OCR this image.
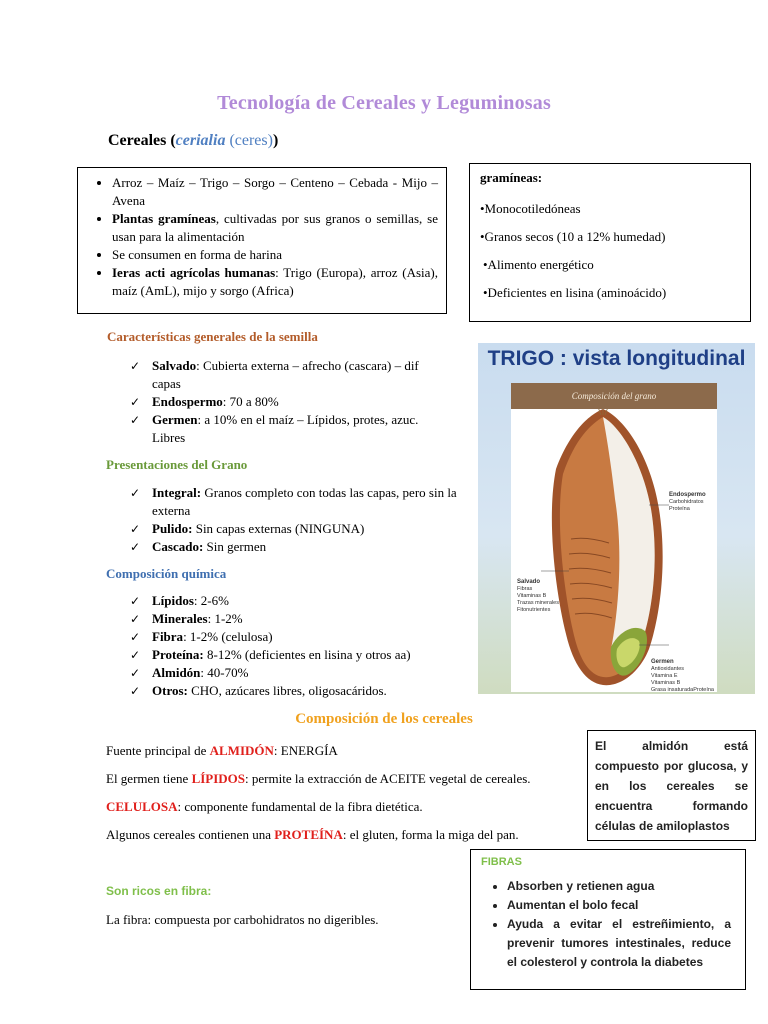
Tecnología de Cereales y Leguminosas
Cereales (cerialia (ceres))
• Arroz – Maíz – Trigo – Sorgo – Centeno – Cebada - Mijo – Avena
• Plantas gramíneas, cultivadas por sus granos o semillas, se usan para la alimentación
• Se consumen en forma de harina
• Ieras acti agrícolas humanas: Trigo (Europa), arroz (Asia), maíz (AmL), mijo y sorgo (Africa)
gramíneas:
•Monocotiledóneas
•Granos secos (10 a 12% humedad)
•Alimento energético
•Deficientes en lisina (aminoácido)
Características generales de la semilla
✓ Salvado: Cubierta externa – afrecho (cascara) – dif capas
✓ Endospermo: 70 a 80%
✓ Germen: a 10% en el maíz – Lípidos, protes, azuc. Libres
Presentaciones del Grano
✓ Integral: Granos completo con todas las capas, pero sin la externa
✓ Pulido: Sin capas externas (NINGUNA)
✓ Cascado: Sin germen
Composición química
✓ Lípidos: 2-6%
✓ Minerales: 1-2%
✓ Fibra: 1-2% (celulosa)
✓ Proteína: 8-12% (deficientes en lisina y otros aa)
✓ Almidón: 40-70%
✓ Otros: CHO, azúcares libres, oligosacáridos.
TRIGO : vista longitudinal
Composición del grano
Endospermo
Carbohidratos
Proteína
Salvado
Fibras
Vitaminas B
Trazas minerales
Fitonutrientes
Germen
Antioxidantes
Vitamina E
Vitaminas B
Grasa insaturadaProteína
Composición de los cereales
Fuente principal de ALMIDÓN: ENERGÍA
El germen tiene LÍPIDOS: permite la extracción de ACEITE vegetal de cereales.
CELULOSA: componente fundamental de la fibra dietética.
Algunos cereales contienen una PROTEÍNA: el gluten, forma la miga del pan.
El almidón está compuesto por glucosa, y en los cereales se encuentra formando células de amiloplastos
Son ricos en fibra:
La fibra: compuesta por carbohidratos no digeribles.
FIBRAS
• Absorben y retienen agua
• Aumentan el bolo fecal
• Ayuda a evitar el estreñimiento, a prevenir tumores intestinales, reduce el colesterol y controla la diabetes
